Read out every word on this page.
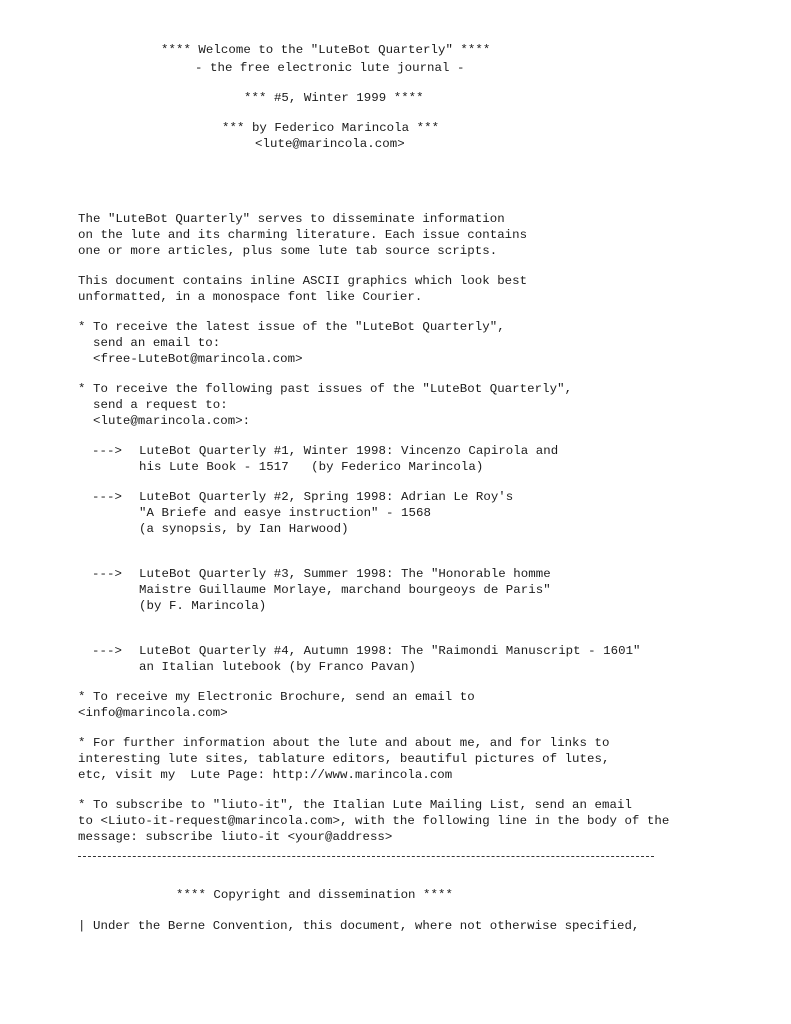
**** Welcome to the "LuteBot Quarterly" ****
- the free electronic lute journal -
*** #5, Winter 1999 ****
*** by Federico Marincola ***
<lute@marincola.com>
The "LuteBot Quarterly" serves to disseminate information
on the lute and its charming literature. Each issue contains
one or more articles, plus some lute tab source scripts.
This document contains inline ASCII graphics which look best
unformatted, in a monospace font like Courier.
* To receive the latest issue of the "LuteBot Quarterly",
send an email to:
<free-LuteBot@marincola.com>
* To receive the following past issues of the "LuteBot Quarterly",
send a request to:
<lute@marincola.com>:
---> LuteBot Quarterly #1, Winter 1998: Vincenzo Capirola and
his Lute Book - 1517   (by Federico Marincola)
---> LuteBot Quarterly #2, Spring 1998: Adrian Le Roy's
"A Briefe and easye instruction" - 1568
(a synopsis, by Ian Harwood)
---> LuteBot Quarterly #3, Summer 1998: The "Honorable homme
Maistre Guillaume Morlaye, marchand bourgeoys de Paris"
(by F. Marincola)
---> LuteBot Quarterly #4, Autumn 1998: The "Raimondi Manuscript - 1601"
an Italian lutebook (by Franco Pavan)
* To receive my Electronic Brochure, send an email to
<info@marincola.com>
* For further information about the lute and about me, and for links to
interesting lute sites, tablature editors, beautiful pictures of lutes,
etc, visit my  Lute Page: http://www.marincola.com
* To subscribe to "liuto-it", the Italian Lute Mailing List, send an email
to <Liuto-it-request@marincola.com>, with the following line in the body of the
message: subscribe liuto-it <your@address>
**** Copyright and dissemination ****
| Under the Berne Convention, this document, where not otherwise specified,
